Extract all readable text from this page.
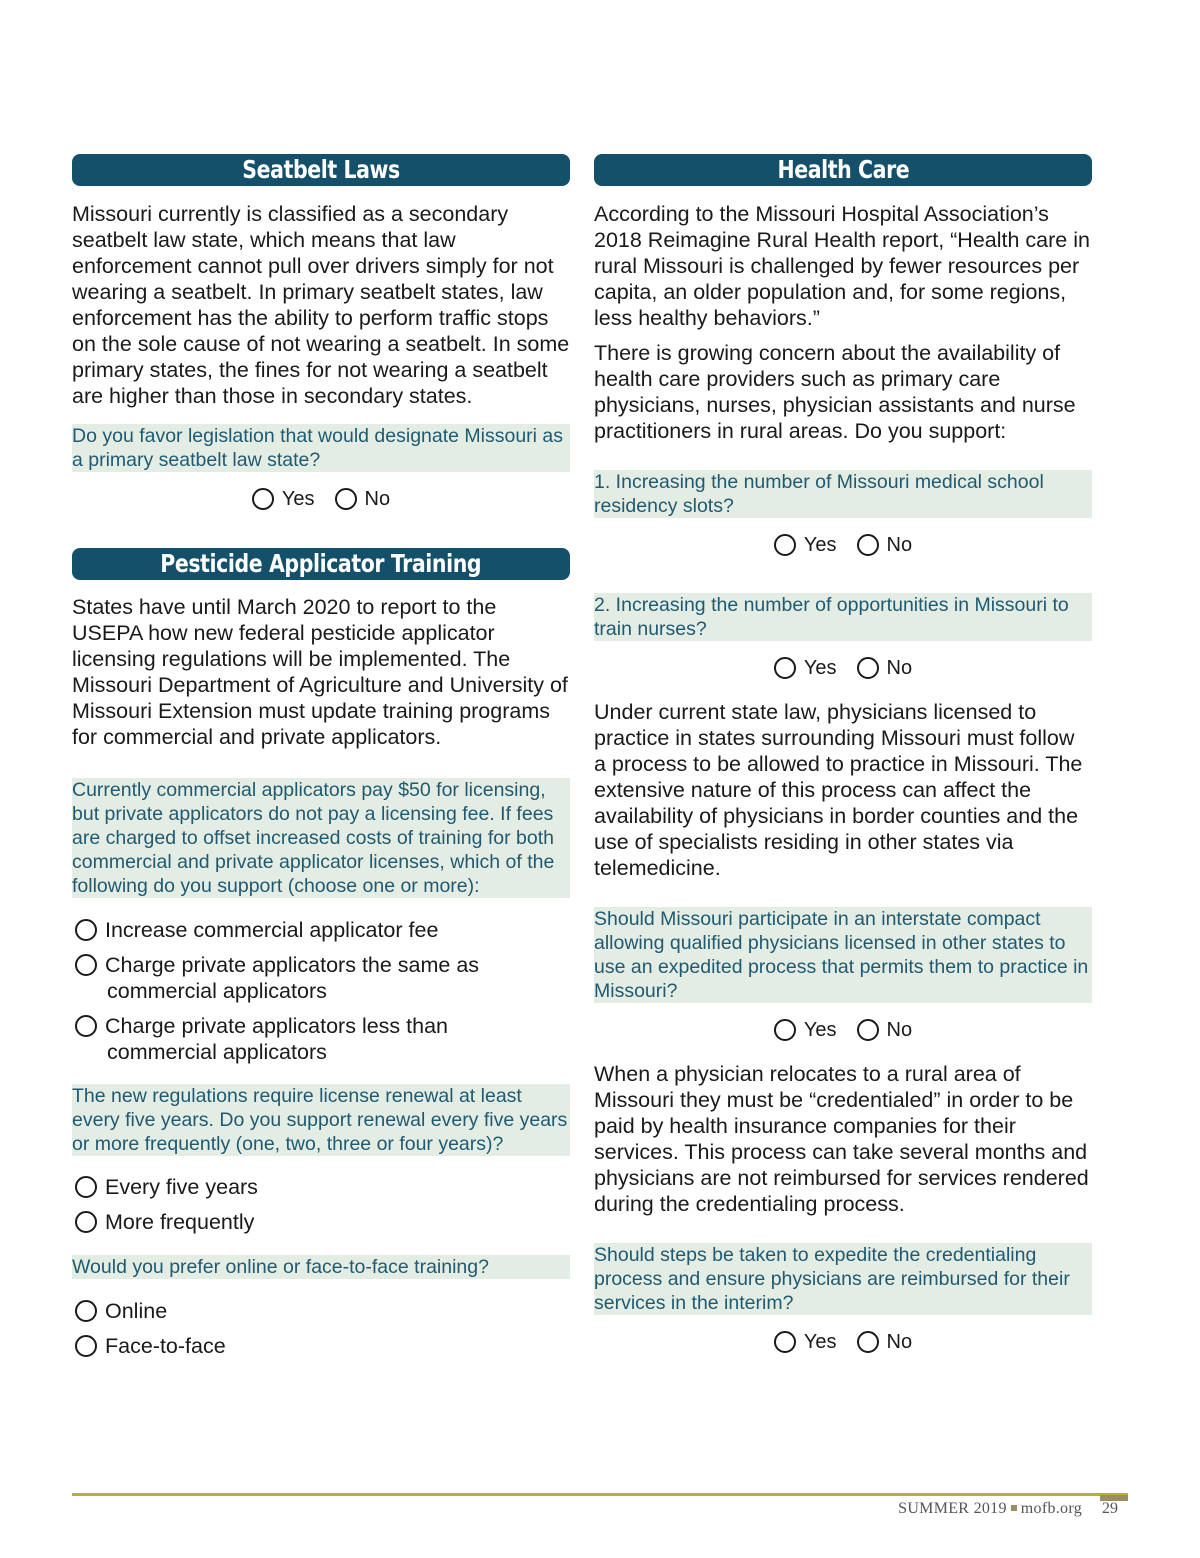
Seatbelt Laws

Missouri currently is classified as a secondary seatbelt law state, which means that law enforcement cannot pull over drivers simply for not wearing a seatbelt. In primary seatbelt states, law enforcement has the ability to perform traffic stops on the sole cause of not wearing a seatbelt. In some primary states, the fines for not wearing a seatbelt are higher than those in secondary states.

Do you favor legislation that would designate Missouri as a primary seatbelt law state?

Yes	No
Pesticide Applicator Training

States have until March 2020 to report to the USEPA how new federal pesticide applicator licensing regulations will be implemented. The Missouri Department of Agriculture and University of Missouri Extension must update training programs for commercial and private applicators.

Currently commercial applicators pay $50 for licensing, but private applicators do not pay a licensing fee. If fees are charged to offset increased costs of training for both commercial and private applicator licenses, which of the following do you support (choose one or more):

Increase commercial applicator fee
Charge private applicators the same as
commercial applicators
Charge private applicators less than
commercial applicators

The new regulations require license renewal at least every five years. Do you support renewal every five years or more frequently (one, two, three or four years)?

Every five years
More frequently

Would you prefer online or face-to-face training?

Online
Face-to-face
Health Care

According to the Missouri Hospital Association’s 2018 Reimagine Rural Health report, “Health care in rural Missouri is challenged by fewer resources per capita, an older population and, for some regions, less healthy behaviors.”

There is growing concern about the availability of health care providers such as primary care physicians, nurses, physician assistants and nurse practitioners in rural areas. Do you support:

1. Increasing the number of Missouri medical school residency slots?

Yes	No

2. Increasing the number of opportunities in Missouri to train nurses?

Yes	No

Under current state law, physicians licensed to practice in states surrounding Missouri must follow a process to be allowed to practice in Missouri. The extensive nature of this process can affect the availability of physicians in border counties and the use of specialists residing in other states via telemedicine.

Should Missouri participate in an interstate compact allowing qualified physicians licensed in other states to use an expedited process that permits them to practice in Missouri?

Yes	No

When a physician relocates to a rural area of Missouri they must be “credentialed” in order to be paid by health insurance companies for their services. This process can take several months and physicians are not reimbursed for services rendered during the credentialing process.

Should steps be taken to expedite the credentialing process and ensure physicians are reimbursed for their services in the interim?

Yes	No
SUMMER 2019 mofb.org 29
